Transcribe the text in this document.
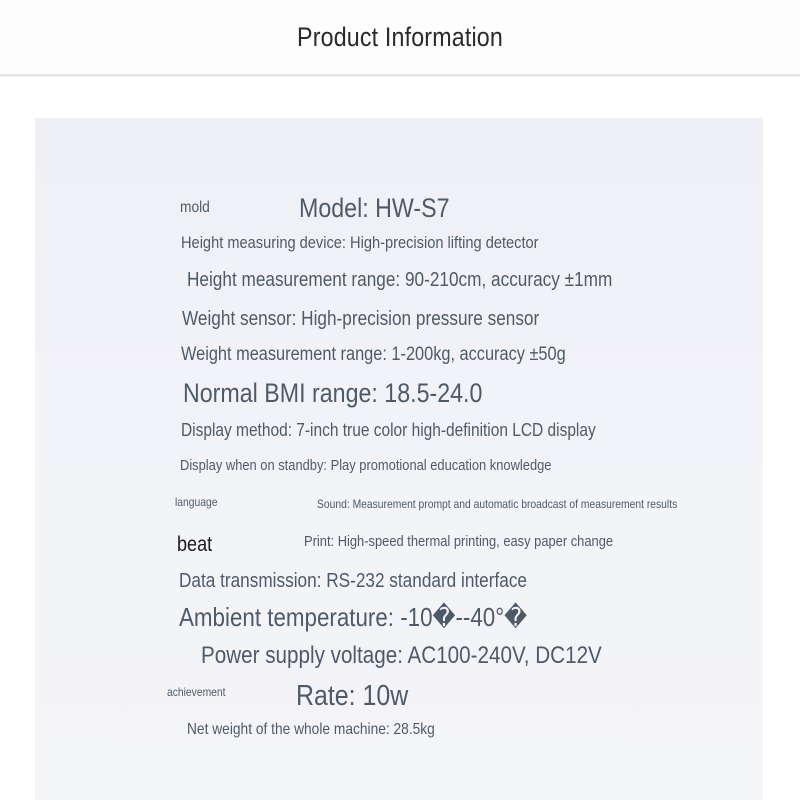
Product Information
mold
language
beat
achievement
Model: HW-S7
Height measuring device: High-precision lifting detector
Height measurement range: 90-210cm, accuracy ±1mm
Weight sensor: High-precision pressure sensor
Weight measurement range: 1-200kg, accuracy ±50g
Normal BMI range: 18.5-24.0
Display method: 7-inch true color high-definition LCD display
Display when on standby: Play promotional education knowledge
Sound: Measurement prompt and automatic broadcast of measurement results
Print: High-speed thermal printing, easy paper change
Data transmission: RS-232 standard interface
Ambient temperature: -10�--40°�
Power supply voltage: AC100-240V, DC12V
Rate: 10w
Net weight of the whole machine: 28.5kg
